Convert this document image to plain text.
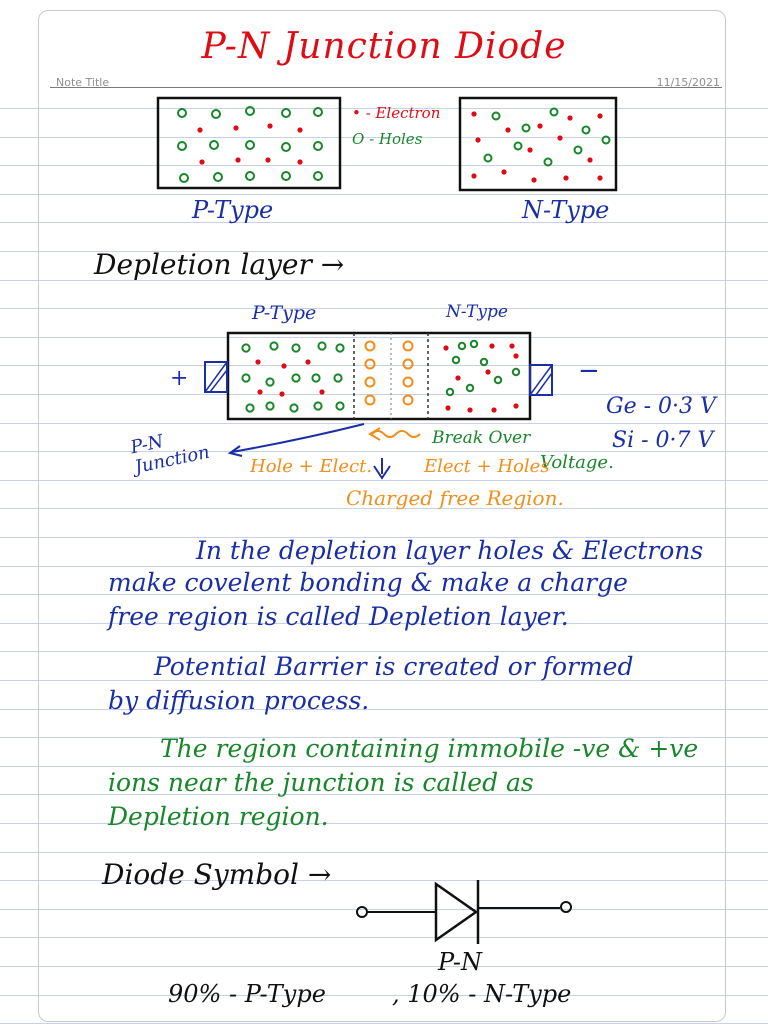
Note Title	11/15/2021
P-N Junction Diode
• - Electron
O - Holes
P-Type	N-Type
Depletion layer →
P-Type	N-Type
+	−
Ge - 0·3 V
Si - 0·7 V
P-N Junction
Break Over
Voltage.
Hole + Elect.	Elect + Holes
Charged free Region.
In the depletion layer holes & Electrons
make covelent bonding & make a charge
free region is called Depletion layer.
Potential Barrier is created or formed
by diffusion process.
The region containing immobile -ve & +ve
ions near the junction is called as
Depletion region.
Diode Symbol →
P-N
90% - P-Type	, 10% - N-Type
